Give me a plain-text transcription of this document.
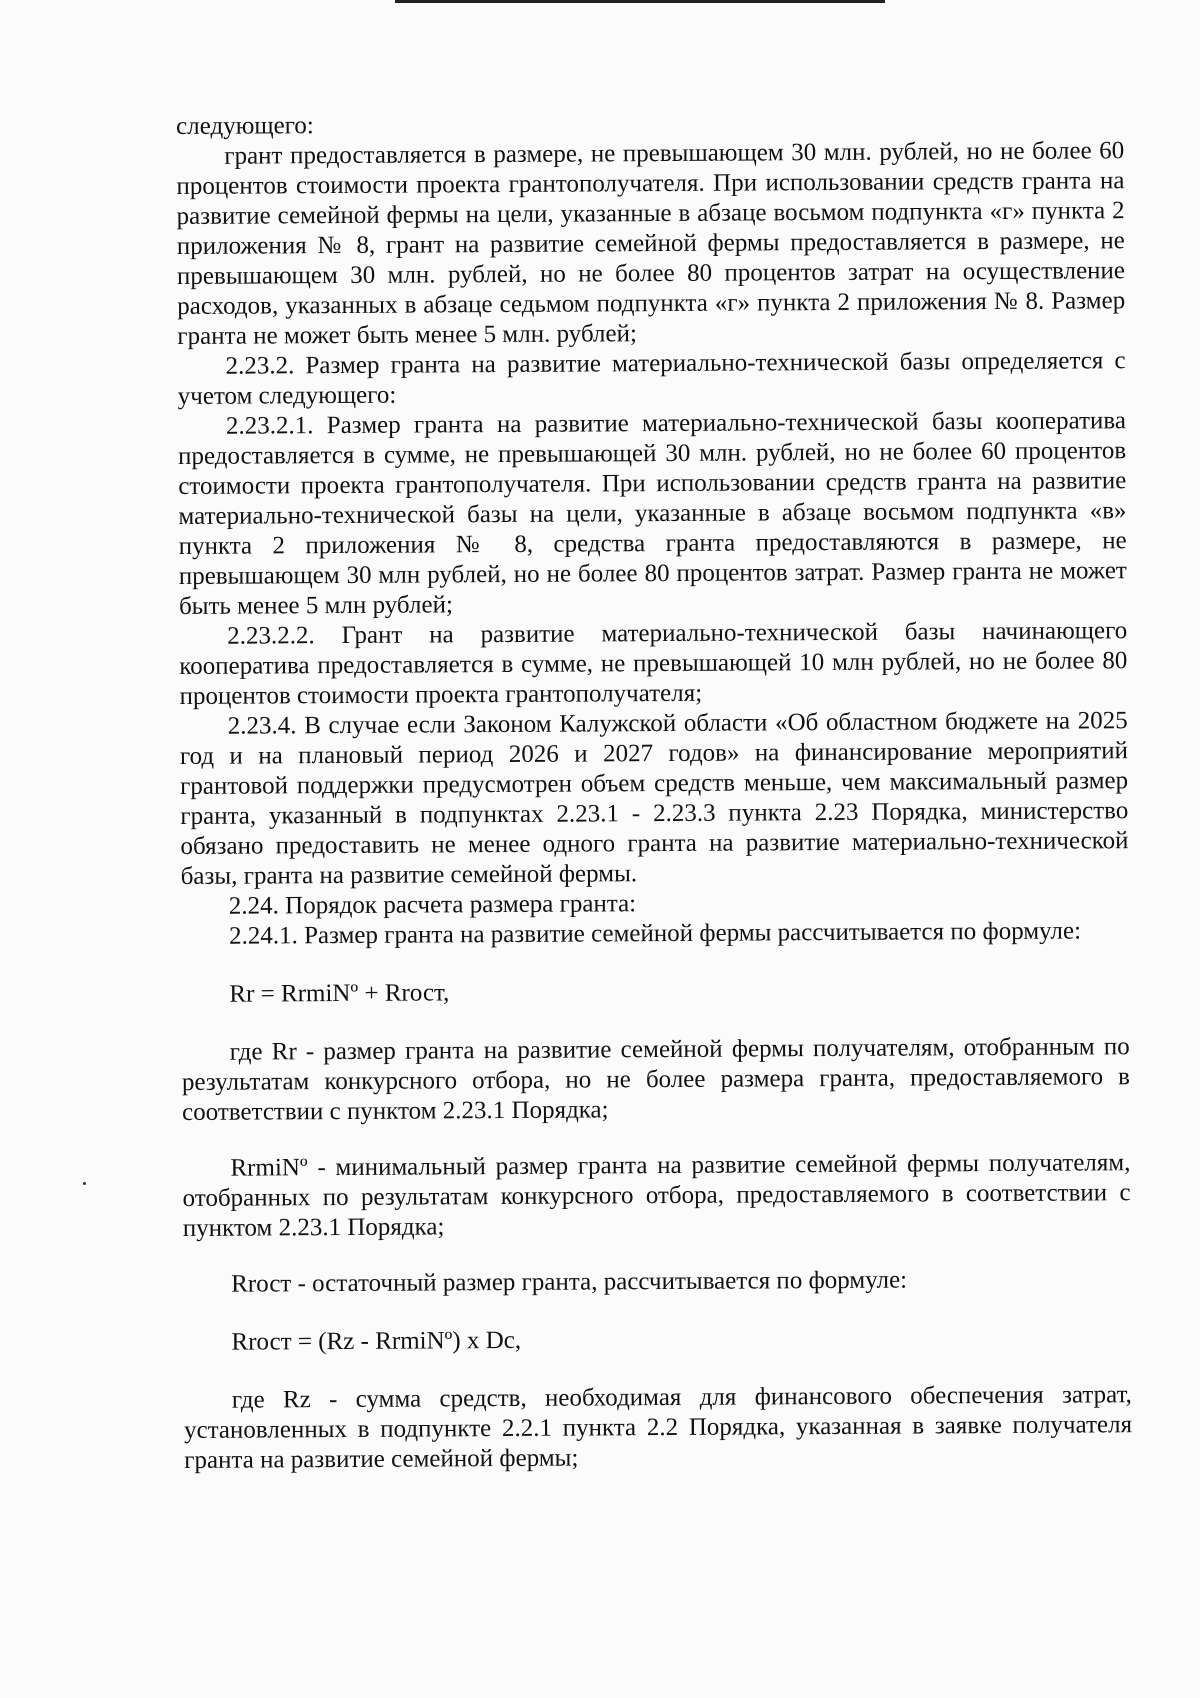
следующего:

грант предоставляется в размере, не превышающем 30 млн. рублей, но не более 60 процентов стоимости проекта грантополучателя. При использовании средств гранта на развитие семейной фермы на цели, указанные в абзаце восьмом подпункта «г» пункта 2 приложения № 8, грант на развитие семейной фермы предоставляется в размере, не превышающем 30 млн. рублей, но не более 80 процентов затрат на осуществление расходов, указанных в абзаце седьмом подпункта «г» пункта 2 приложения № 8. Размер гранта не может быть менее 5 млн. рублей;

2.23.2. Размер гранта на развитие материально-технической базы определяется с учетом следующего:

2.23.2.1. Размер гранта на развитие материально-технической базы кооператива предоставляется в сумме, не превышающей 30 млн. рублей, но не более 60 процентов стоимости проекта грантополучателя. При использовании средств гранта на развитие материально-технической базы на цели, указанные в абзаце восьмом подпункта «в» пункта 2 приложения № 8, средства гранта предоставляются в размере, не превышающем 30 млн рублей, но не более 80 процентов затрат. Размер гранта не может быть менее 5 млн рублей;

2.23.2.2. Грант на развитие материально-технической базы начинающего кооператива предоставляется в сумме, не превышающей 10 млн рублей, но не более 80 процентов стоимости проекта грантополучателя;

2.23.4. В случае если Законом Калужской области «Об областном бюджете на 2025 год и на плановый период 2026 и 2027 годов» на финансирование мероприятий грантовой поддержки предусмотрен объем средств меньше, чем максимальный размер гранта, указанный в подпунктах 2.23.1 - 2.23.3 пункта 2.23 Порядка, министерство обязано предоставить не менее одного гранта на развитие материально-технической базы, гранта на развитие семейной фермы.

2.24. Порядок расчета размера гранта:

2.24.1. Размер гранта на развитие семейной фермы рассчитывается по формуле:

Rr = RrmiNº + Rrост,

где Rr - размер гранта на развитие семейной фермы получателям, отобранным по результатам конкурсного отбора, но не более размера гранта, предоставляемого в соответствии с пунктом 2.23.1 Порядка;

RrmiNº - минимальный размер гранта на развитие семейной фермы получателям, отобранных по результатам конкурсного отбора, предоставляемого в соответствии с пунктом 2.23.1 Порядка;

Rrост - остаточный размер гранта, рассчитывается по формуле:

Rrост = (Rz - RrmiNº) x Dc,

где Rz - сумма средств, необходимая для финансового обеспечения затрат, установленных в подпункте 2.2.1 пункта 2.2 Порядка, указанная в заявке получателя гранта на развитие семейной фермы;
